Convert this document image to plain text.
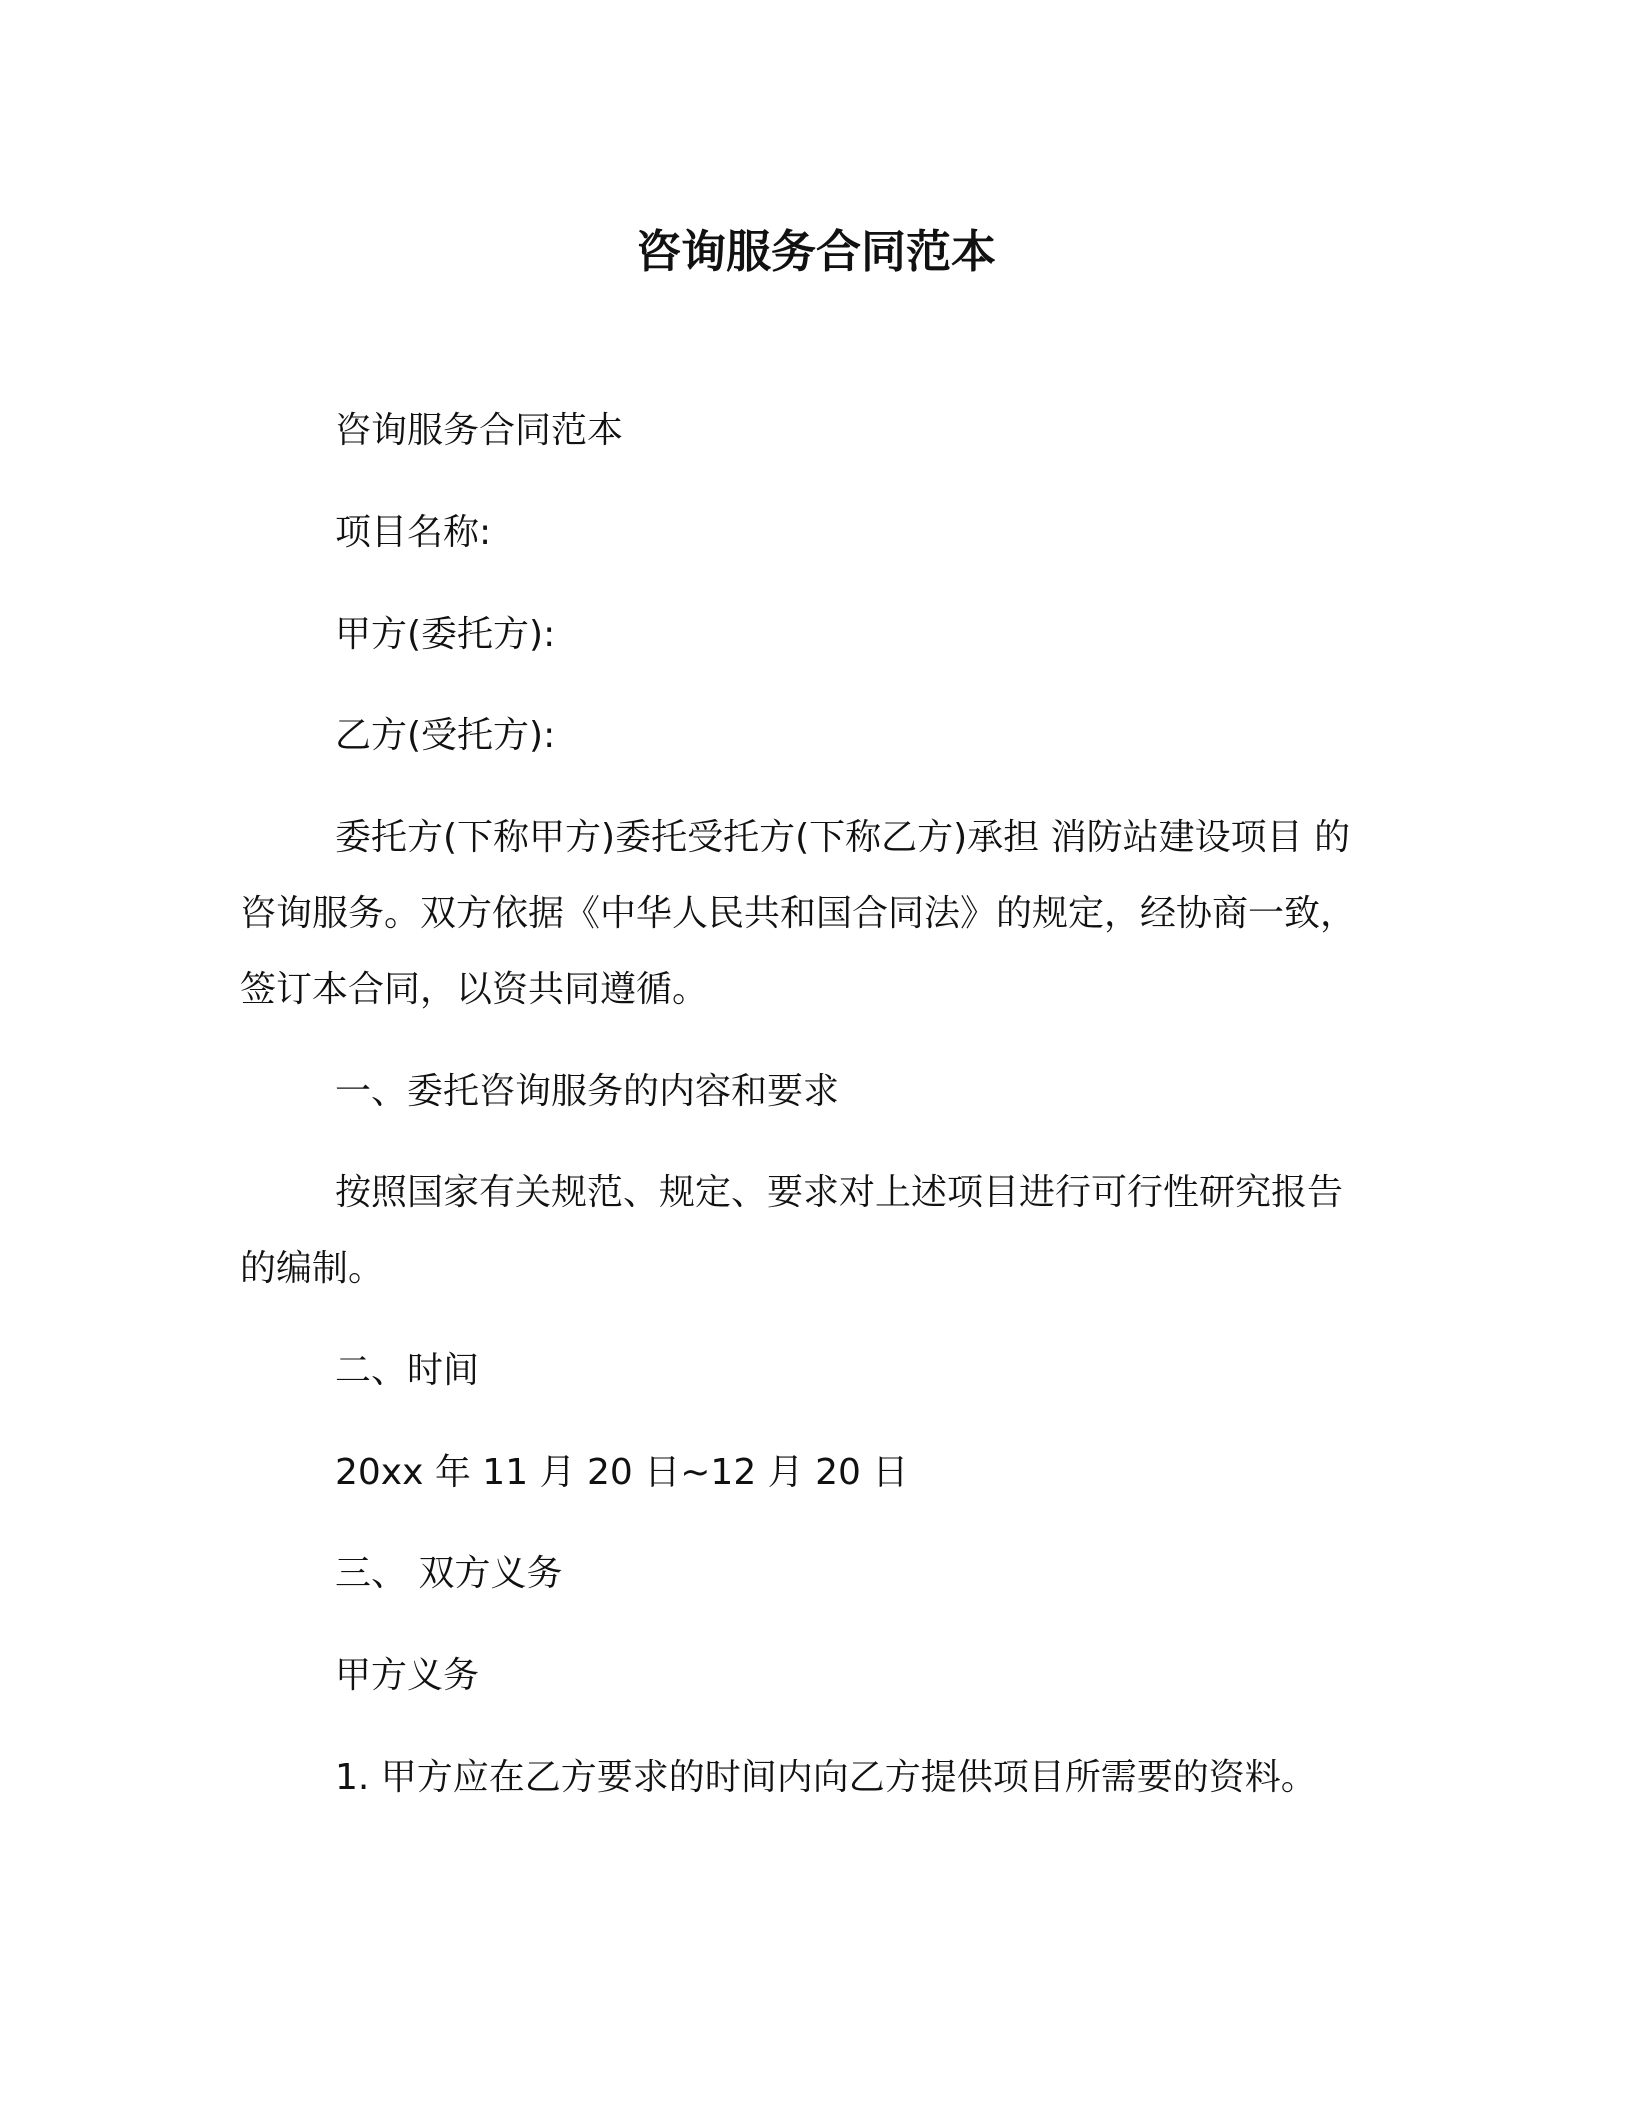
咨询服务合同范本

咨询服务合同范本

项目名称:

甲方(委托方):

乙方(受托方):

委托方(下称甲方)委托受托方(下称乙方)承担 消防站建设项目 的

咨询服务。双方依据《中华人民共和国合同法》的规定，经协商一致，

签订本合同，以资共同遵循。

一、委托咨询服务的内容和要求

按照国家有关规范、规定、要求对上述项目进行可行性研究报告

的编制。

二、时间

20xx 年 11 月 20 日~12 月 20 日

三、 双方义务

甲方义务

1. 甲方应在乙方要求的时间内向乙方提供项目所需要的资料。
